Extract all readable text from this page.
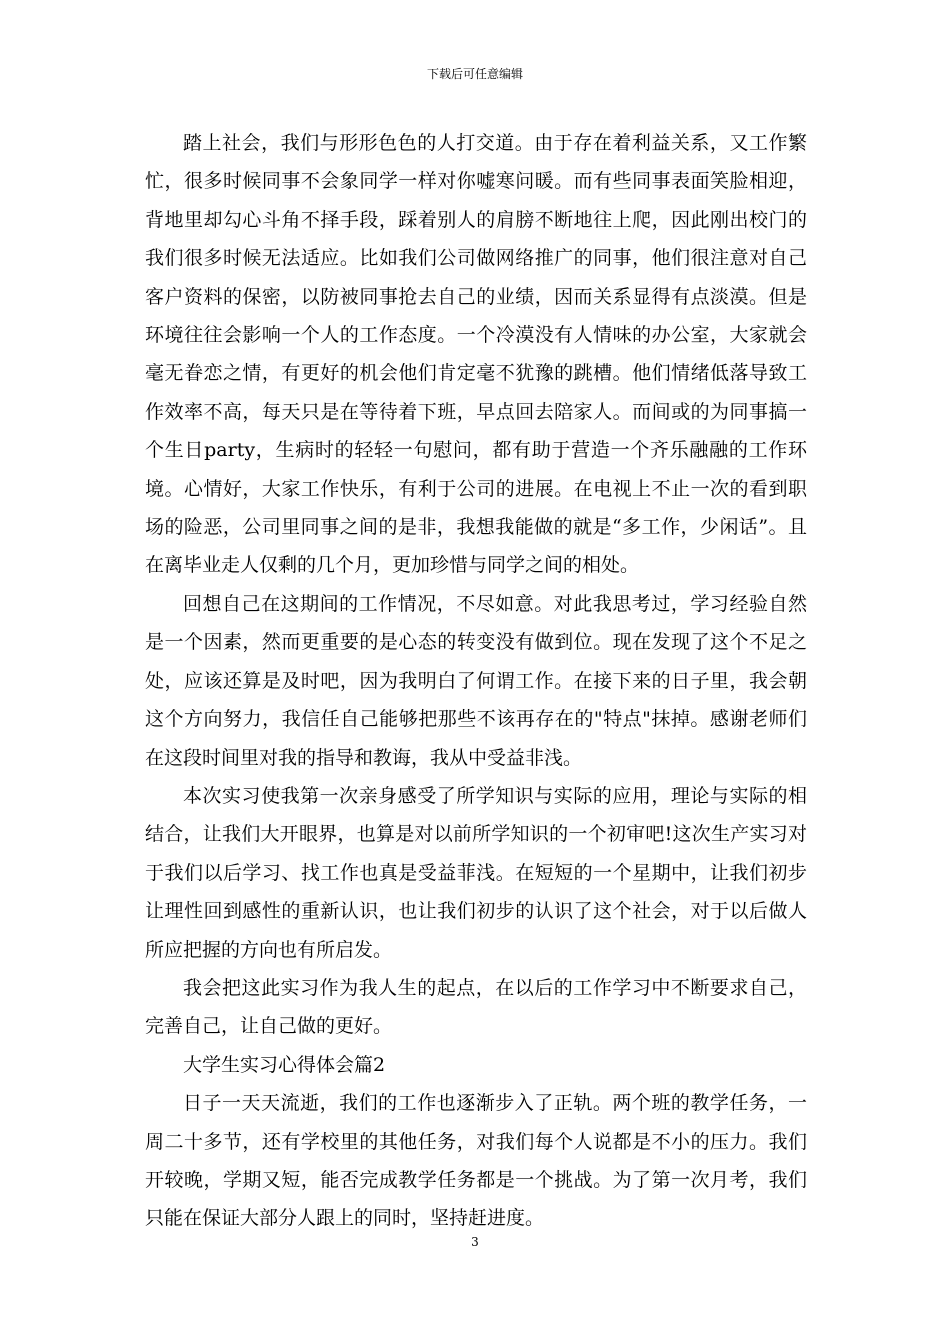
下载后可任意编辑

踏上社会，我们与形形色色的人打交道。由于存在着利益关系，又工作繁忙，很多时候同事不会象同学一样对你嘘寒问暖。而有些同事表面笑脸相迎，背地里却勾心斗角不择手段，踩着别人的肩膀不断地往上爬，因此刚出校门的我们很多时候无法适应。比如我们公司做网络推广的同事，他们很注意对自己客户资料的保密，以防被同事抢去自己的业绩，因而关系显得有点淡漠。但是环境往往会影响一个人的工作态度。一个冷漠没有人情味的办公室，大家就会毫无眷恋之情，有更好的机会他们肯定毫不犹豫的跳槽。他们情绪低落导致工作效率不高，每天只是在等待着下班，早点回去陪家人。而间或的为同事搞一个生日party，生病时的轻轻一句慰问，都有助于营造一个齐乐融融的工作环境。心情好，大家工作快乐，有利于公司的进展。在电视上不止一次的看到职场的险恶，公司里同事之间的是非，我想我能做的就是“多工作，少闲话”。且在离毕业走人仅剩的几个月，更加珍惜与同学之间的相处。

回想自己在这期间的工作情况，不尽如意。对此我思考过，学习经验自然是一个因素，然而更重要的是心态的转变没有做到位。现在发现了这个不足之处，应该还算是及时吧，因为我明白了何谓工作。在接下来的日子里，我会朝这个方向努力，我信任自己能够把那些不该再存在的"特点"抹掉。感谢老师们在这段时间里对我的指导和教诲，我从中受益非浅。

本次实习使我第一次亲身感受了所学知识与实际的应用，理论与实际的相结合，让我们大开眼界，也算是对以前所学知识的一个初审吧!这次生产实习对于我们以后学习、找工作也真是受益菲浅。在短短的一个星期中，让我们初步让理性回到感性的重新认识，也让我们初步的认识了这个社会，对于以后做人所应把握的方向也有所启发。

我会把这此实习作为我人生的起点，在以后的工作学习中不断要求自己，完善自己，让自己做的更好。

大学生实习心得体会篇2

日子一天天流逝，我们的工作也逐渐步入了正轨。两个班的教学任务，一周二十多节，还有学校里的其他任务，对我们每个人说都是不小的压力。我们开较晚，学期又短，能否完成教学任务都是一个挑战。为了第一次月考，我们只能在保证大部分人跟上的同时，坚持赶进度。

3
